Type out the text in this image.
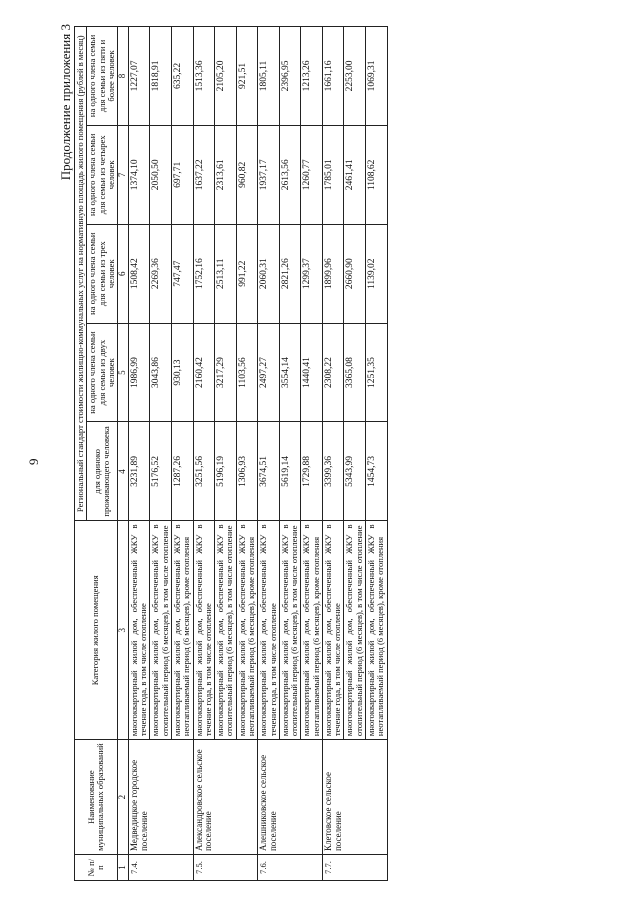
9
Продолжение приложения 3
№ п/п	Наименование муниципальных образований	Категория жилого помещения	Региональный стандарт стоимости жилищно-коммунальных услуг на нормативную площадь жилого помещения (рублей в месяц)				
			для одиноко проживающего человека	на одного члена семьи для семьи из двух человек	на одного члена семьи для семьи из трех человек	на одного члена семьи для семьи из четырех человек	на одного члена семьи для семьи из пяти и более человек
1	2	3	4	5	6	7	8
7.4.	Медведицкое городское поселение	многоквартирный жилой дом, обеспеченный ЖКУ в течение года, в том числе отопление	3231,89	1986,99	1508,42	1374,10	1227,07
		многоквартирный жилой дом, обеспеченный ЖКУ в отопительный период (6 месяцев), в том числе отопление	5176,52	3043,86	2269,36	2050,50	1818,91
		многоквартирный жилой дом, обеспеченный ЖКУ в неотапливаемый период (6 месяцев), кроме отопления	1287,26	930,13	747,47	697,71	635,22
7.5.	Александровское сельское поселение	многоквартирный жилой дом, обеспеченный ЖКУ в течение года, в том числе отопление	3251,56	2160,42	1752,16	1637,22	1513,36
		многоквартирный жилой дом, обеспеченный ЖКУ в отопительный период (6 месяцев), в том числе отопление	5196,19	3217,29	2513,11	2313,61	2105,20
		многоквартирный жилой дом, обеспеченный ЖКУ в неотапливаемый период (6 месяцев), кроме отопления	1306,93	1103,56	991,22	960,82	921,51
7.6.	Алешниковское сельское поселение	многоквартирный жилой дом, обеспеченный ЖКУ в течение года, в том числе отопление	3674,51	2497,27	2060,31	1937,17	1805,11
		многоквартирный жилой дом, обеспеченный ЖКУ в отопительный период (6 месяцев), в том числе отопление	5619,14	3554,14	2821,26	2613,56	2396,95
		многоквартирный жилой дом, обеспеченный ЖКУ в неотапливаемый период (6 месяцев), кроме отопления	1729,88	1440,41	1299,37	1260,77	1213,26
7.7.	Клетовское сельское поселение	многоквартирный жилой дом, обеспеченный ЖКУ в течение года, в том числе отопление	3399,36	2308,22	1899,96	1785,01	1661,16
		многоквартирный жилой дом, обеспеченный ЖКУ в отопительный период (6 месяцев), в том числе отопление	5343,99	3365,08	2660,90	2461,41	2253,00
		многоквартирный жилой дом, обеспеченный ЖКУ в неотапливаемый период (6 месяцев), кроме отопления	1454,73	1251,35	1139,02	1108,62	1069,31
